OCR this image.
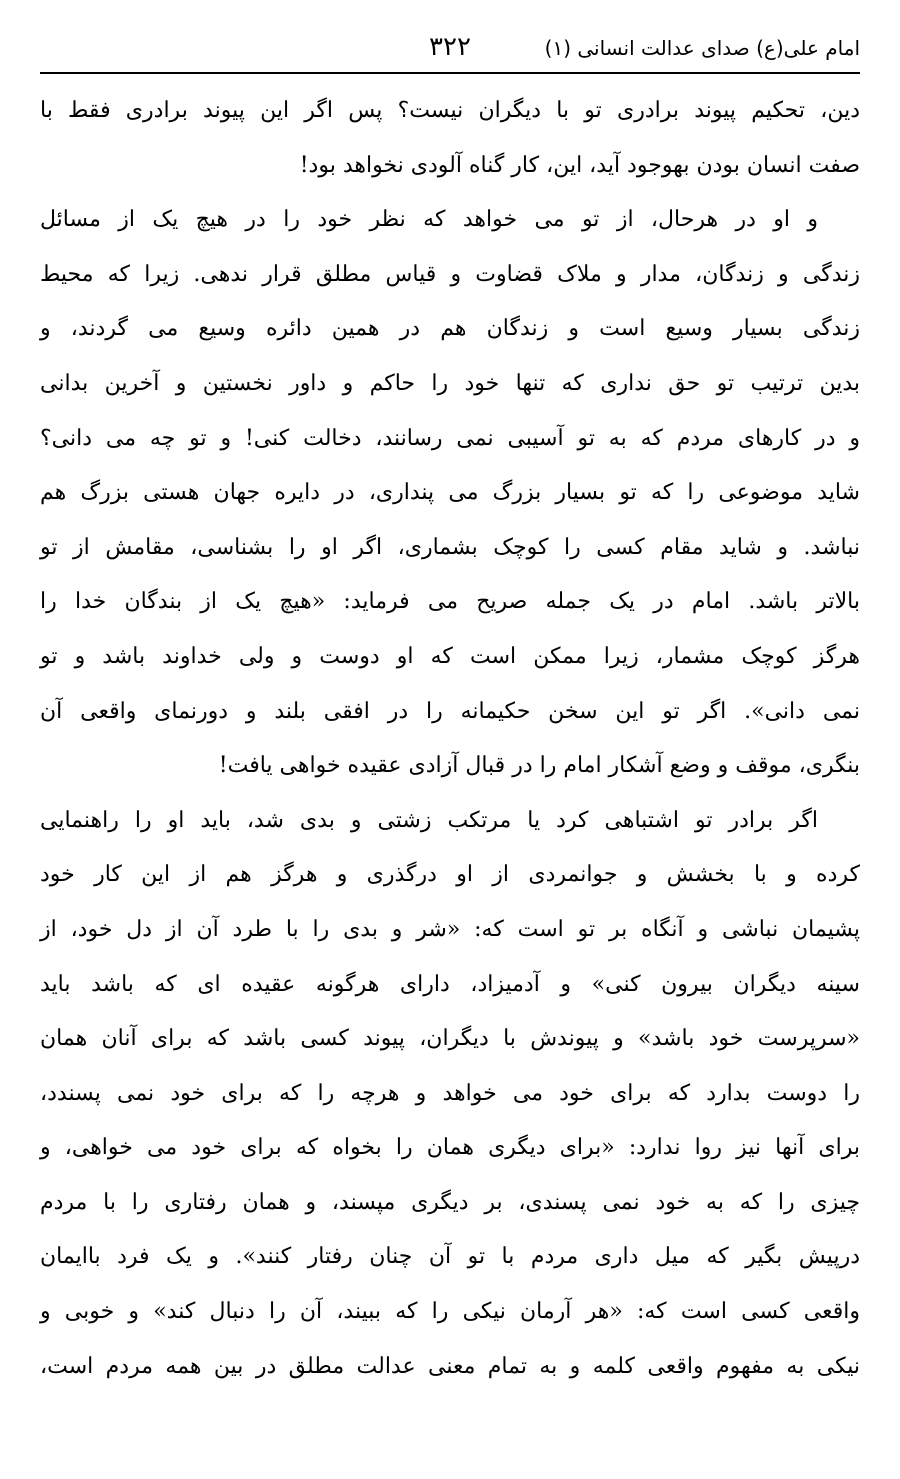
امام علی(ع) صدای عدالت انسانی (۱)
۳۲۲
دین، تحکیم پیوند برادری تو با دیگران نیست؟ پس اگر این پیوند برادری فقط با
صفت انسان بودن بهوجود آید، این، کار گناه آلودی نخواهد بود!
و او در هرحال، از تو می خواهد که نظر خود را در هیچ یک از مسائل
زندگی و زندگان، مدار و ملاک قضاوت و قیاس مطلق قرار ندهی. زیرا که محیط
زندگی بسیار وسیع است و زندگان هم در همین دائره وسیع می گردند، و
بدین ترتیب تو حق نداری که تنها خود را حاکم و داور نخستین و آخرین بدانی
و در کارهای مردم که به تو آسیبی نمی رسانند، دخالت کنی! و تو چه می دانی؟
شاید موضوعی را که تو بسیار بزرگ می پنداری، در دایره جهان هستی بزرگ هم
نباشد. و شاید مقام کسی را کوچک بشماری، اگر او را بشناسی، مقامش از تو
بالاتر باشد. امام در یک جمله صریح می فرماید: «هیچ یک از بندگان خدا را
هرگز کوچک مشمار، زیرا ممکن است که او دوست و ولی خداوند باشد و تو
نمی دانی». اگر تو این سخن حکیمانه را در افقی بلند و دورنمای واقعی آن
بنگری، موقف و وضع آشکار امام را در قبال آزادی عقیده خواهی یافت!
اگر برادر تو اشتباهی کرد یا مرتکب زشتی و بدی شد، باید او را راهنمایی
کرده و با بخشش و جوانمردی از او درگذری و هرگز هم از این کار خود
پشیمان نباشی و آنگاه بر تو است که: «شر و بدی را با طرد آن از دل خود، از
سینه دیگران بیرون کنی» و آدمیزاد، دارای هرگونه عقیده ای که باشد باید
«سرپرست خود باشد» و پیوندش با دیگران، پیوند کسی باشد که برای آنان همان
را دوست بدارد که برای خود می خواهد و هرچه را که برای خود نمی پسندد،
برای آنها نیز روا ندارد: «برای دیگری همان را بخواه که برای خود می خواهی، و
چیزی را که به خود نمی پسندی، بر دیگری مپسند، و همان رفتاری را با مردم
درپیش بگیر که میل داری مردم با تو آن چنان رفتار کنند». و یک فرد باایمان
واقعی کسی است که: «هر آرمان نیکی را که ببیند، آن را دنبال کند» و خوبی و
نیکی به مفهوم واقعی کلمه و به تمام معنی عدالت مطلق در بین همه مردم است،
